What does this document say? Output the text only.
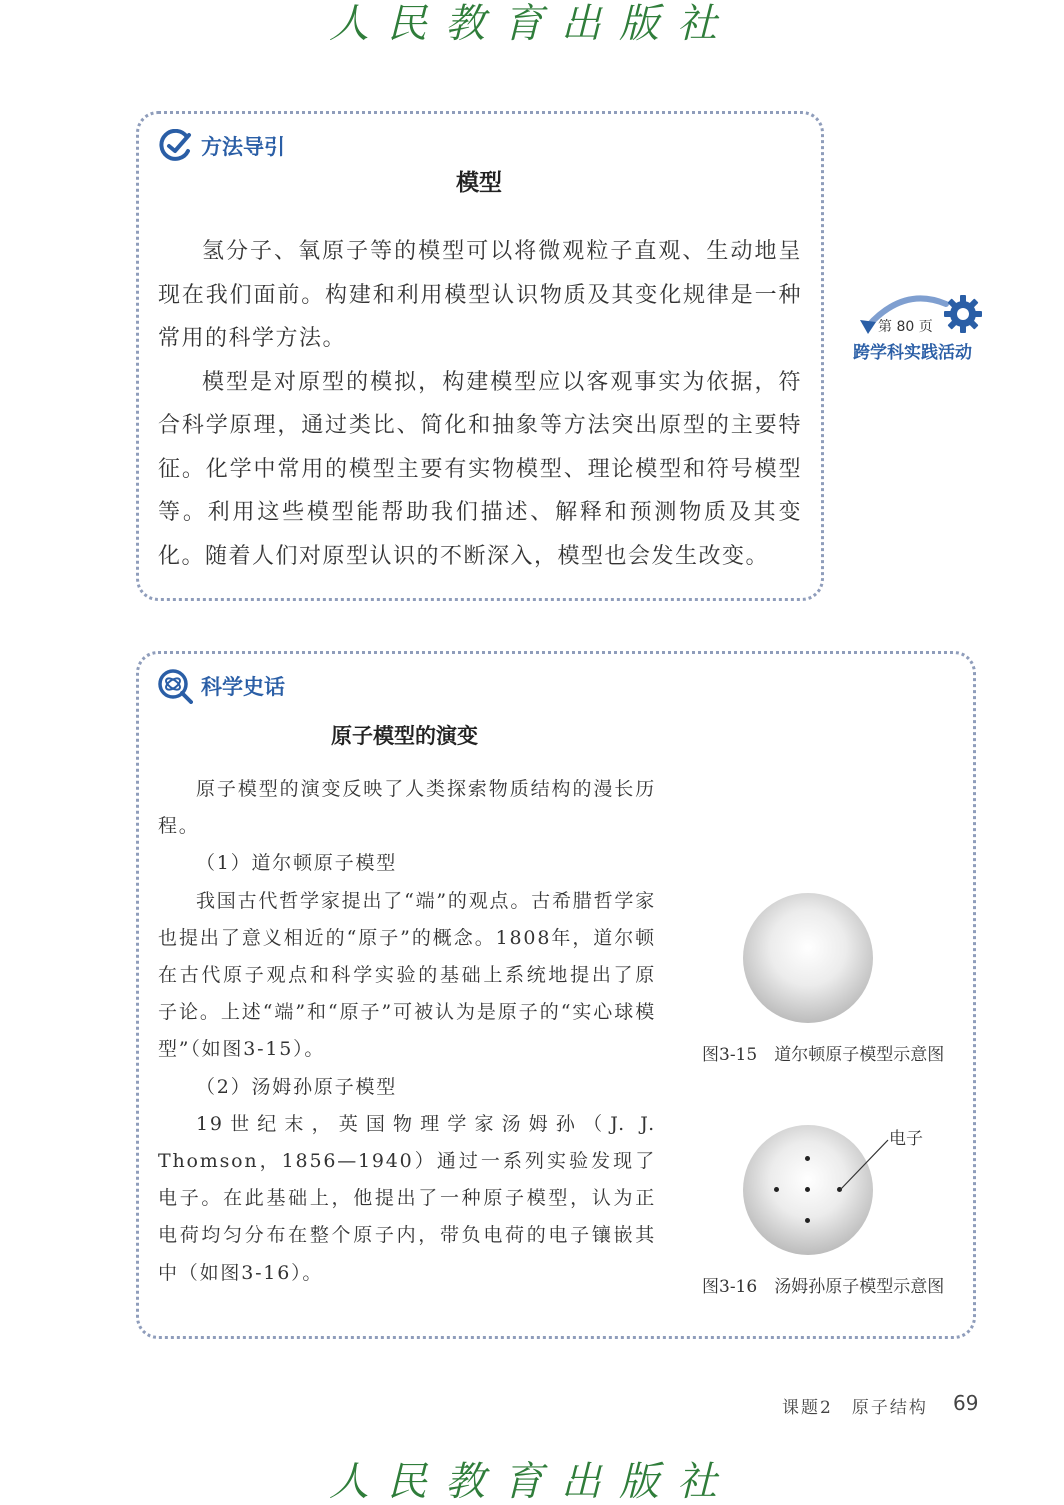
人民教育出版社
方法导引
模型

氢分子、氧原子等的模型可以将微观粒子直观、生动地呈现在我们面前。构建和利用模型认识物质及其变化规律是一种常用的科学方法。

模型是对原型的模拟，构建模型应以客观事实为依据，符合科学原理，通过类比、简化和抽象等方法突出原型的主要特征。化学中常用的模型主要有实物模型、理论模型和符号模型等。利用这些模型能帮助我们描述、解释和预测物质及其变化。随着人们对原型认识的不断深入，模型也会发生改变。

第 80 页
跨学科实践活动
科学史话
原子模型的演变

原子模型的演变反映了人类探索物质结构的漫长历程。

（1）道尔顿原子模型

我国古代哲学家提出了“端”的观点。古希腊哲学家也提出了意义相近的“原子”的概念。1808年，道尔顿在古代原子观点和科学实验的基础上系统地提出了原子论。上述“端”和“原子”可被认为是原子的“实心球模型”（如图3-15）。

（2）汤姆孙原子模型

19世纪末，英国物理学家汤姆孙（J. J. Thomson，1856—1940）通过一系列实验发现了电子。在此基础上，他提出了一种原子模型，认为正电荷均匀分布在整个原子内，带负电荷的电子镶嵌其中（如图3-16）。

图3-15　道尔顿原子模型示意图
电子
图3-16　汤姆孙原子模型示意图
课题2　原子结构 69
人民教育出版社
